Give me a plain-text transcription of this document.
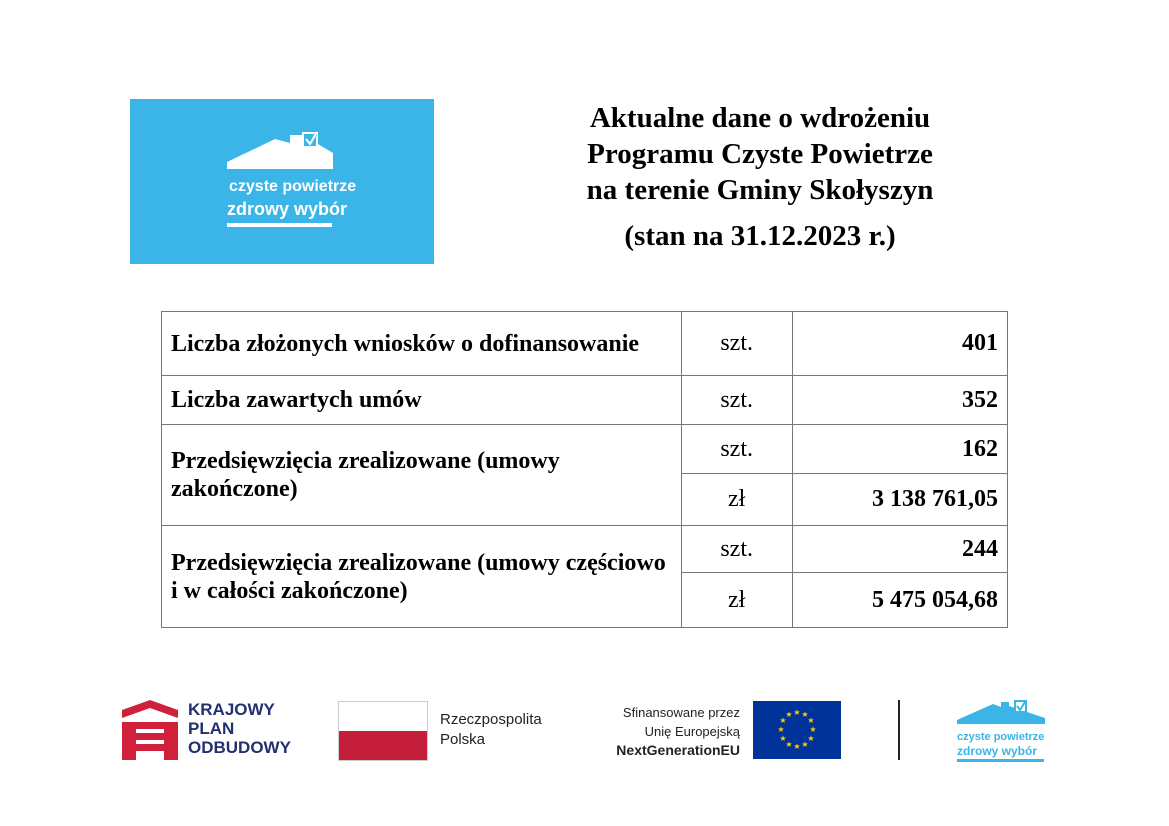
czyste powietrze
zdrowy wybór
Aktualne dane o wdrożeniu
Programu Czyste Powietrze
na terenie Gminy Skołyszyn
(stan na 31.12.2023 r.)
Liczba złożonych wniosków o dofinansowanie	szt.	401
Liczba zawartych umów	szt.	352
Przedsięwzięcia zrealizowane (umowy zakończone)	szt.	162
	zł	3 138 761,05
Przedsięwzięcia zrealizowane (umowy częściowo i w całości zakończone)	szt.	244
	zł	5 475 054,68
KRAJOWY
PLAN
ODBUDOWY
Rzeczpospolita
Polska
Sfinansowane przez
Unię Europejską
NextGenerationEU
★ ★
★
★
★
★
★
★
★
★
★
★
czyste powietrze
zdrowy wybór
